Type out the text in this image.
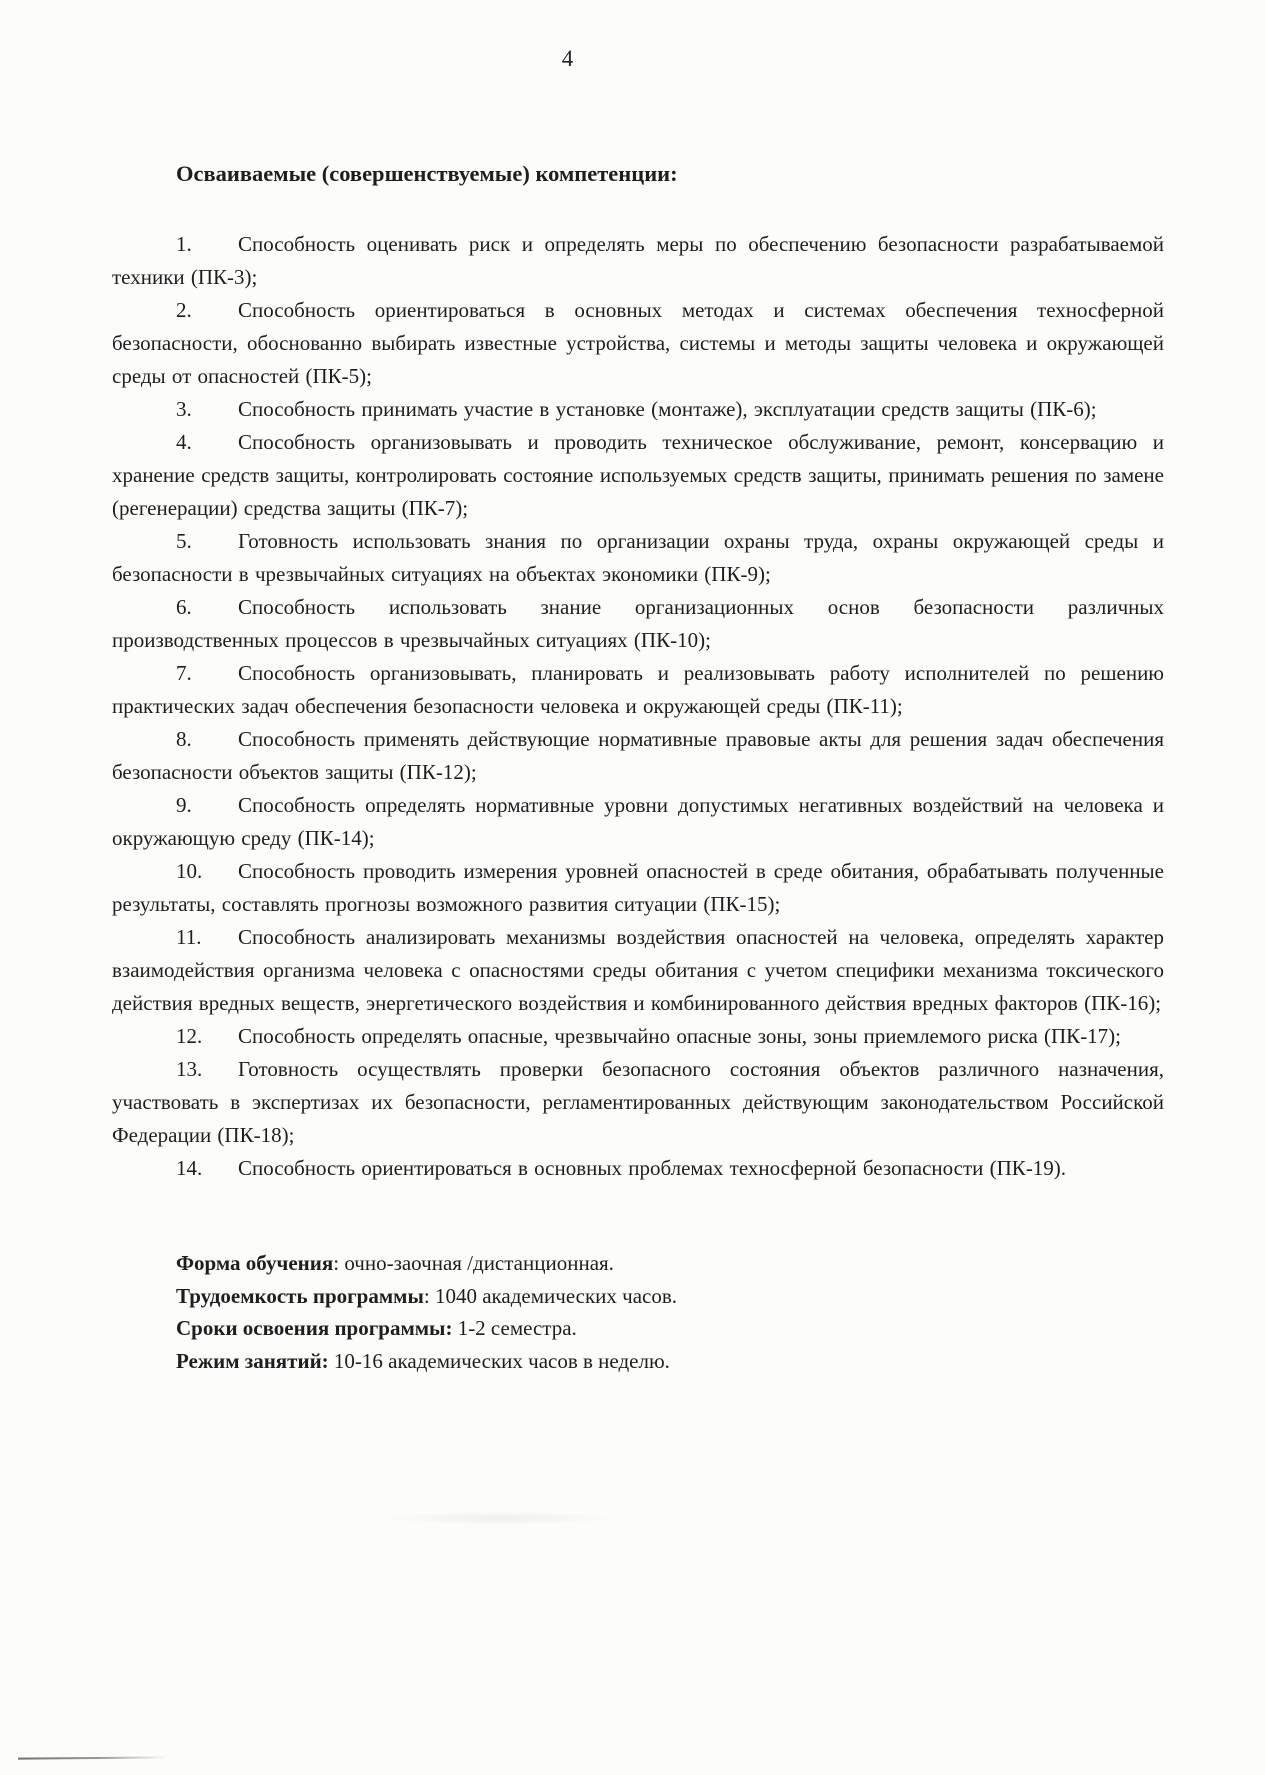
4
Осваиваемые (совершенствуемые) компетенции:

1. Способность оценивать риск и определять меры по обеспечению безопасности разрабатываемой техники (ПК-3);

2. Способность ориентироваться в основных методах и системах обеспечения техносферной безопасности, обоснованно выбирать известные устройства, системы и методы защиты человека и окружающей среды от опасностей (ПК-5);

3. Способность принимать участие в установке (монтаже), эксплуатации средств защиты (ПК-6);

4. Способность организовывать и проводить техническое обслуживание, ремонт, консервацию и хранение средств защиты, контролировать состояние используемых средств защиты, принимать решения по замене (регенерации) средства защиты (ПК-7);

5. Готовность использовать знания по организации охраны труда, охраны окружающей среды и безопасности в чрезвычайных ситуациях на объектах экономики (ПК-9);

6. Способность использовать знание организационных основ безопасности различных производственных процессов в чрезвычайных ситуациях (ПК-10);

7. Способность организовывать, планировать и реализовывать работу исполнителей по решению практических задач обеспечения безопасности человека и окружающей среды (ПК-11);

8. Способность применять действующие нормативные правовые акты для решения задач обеспечения безопасности объектов защиты (ПК-12);

9. Способность определять нормативные уровни допустимых негативных воздействий на человека и окружающую среду (ПК-14);

10. Способность проводить измерения уровней опасностей в среде обитания, обрабатывать полученные результаты, составлять прогнозы возможного развития ситуации (ПК-15);

11. Способность анализировать механизмы воздействия опасностей на человека, определять характер взаимодействия организма человека с опасностями среды обитания с учетом специфики механизма токсического действия вредных веществ, энергетического воздействия и комбинированного действия вредных факторов (ПК-16);

12. Способность определять опасные, чрезвычайно опасные зоны, зоны приемлемого риска (ПК-17);

13. Готовность осуществлять проверки безопасного состояния объектов различного назначения, участвовать в экспертизах их безопасности, регламентированных действующим законодательством Российской Федерации (ПК-18);

14. Способность ориентироваться в основных проблемах техносферной безопасности (ПК-19).

Форма обучения: очно-заочная /дистанционная.

Трудоемкость программы: 1040 академических часов.

Сроки освоения программы: 1-2 семестра.

Режим занятий: 10-16 академических часов в неделю.
